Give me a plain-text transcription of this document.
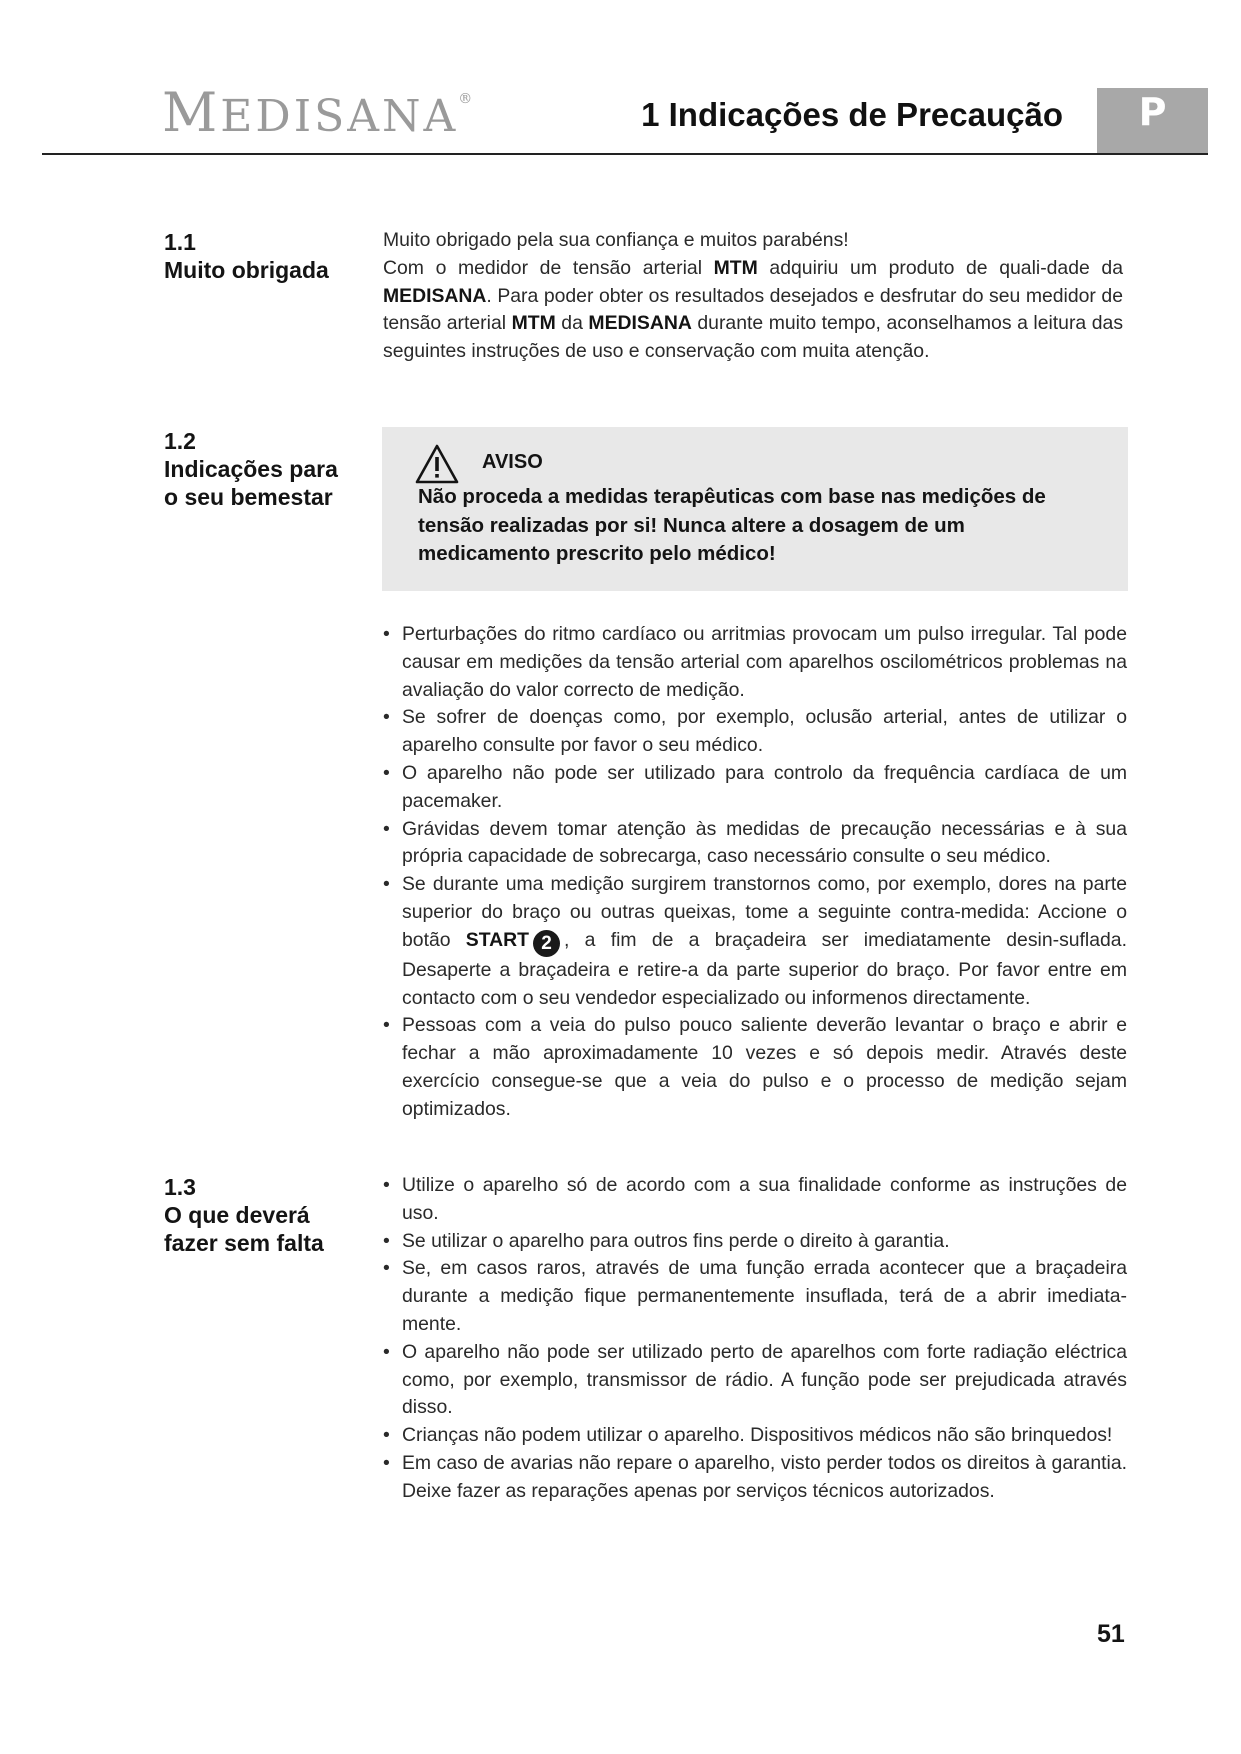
MEDISANA®	1 Indicações de Precaução	P
1.1
Muito obrigada
Muito obrigado pela sua confiança e muitos parabéns!
Com o medidor de tensão arterial MTM adquiriu um produto de quali-dade da MEDISANA. Para poder obter os resultados desejados e desfrutar do seu medidor de tensão arterial MTM da MEDISANA durante muito tempo, aconselhamos a leitura das seguintes instruções de uso e conservação com muita atenção.
1.2
Indicações para
o seu bemestar
AVISO
Não proceda a medidas terapêuticas com base nas medições de tensão realizadas por si! Nunca altere a dosagem de um medicamento prescrito pelo médico!
• Perturbações do ritmo cardíaco ou arritmias provocam um pulso irregular. Tal pode causar em medições da tensão arterial com aparelhos oscilométricos problemas na avaliação do valor correcto de medição.
• Se sofrer de doenças como, por exemplo, oclusão arterial, antes de utilizar o aparelho consulte por favor o seu médico.
• O aparelho não pode ser utilizado para controlo da frequência cardíaca de um pacemaker.
• Grávidas devem tomar atenção às medidas de precaução necessárias e à sua própria capacidade de sobrecarga, caso necessário consulte o seu médico.
• Se durante uma medição surgirem transtornos como, por exemplo, dores na parte superior do braço ou outras queixas, tome a seguinte contra-medida: Accione o botão START 2 , a fim de a braçadeira ser imediatamente desin-suflada. Desaperte a braçadeira e retire-a da parte superior do braço. Por favor entre em contacto com o seu vendedor especializado ou informenos directamente.
• Pessoas com a veia do pulso pouco saliente deverão levantar o braço e abrir e fechar a mão aproximadamente 10 vezes e só depois medir. Através deste exercício consegue-se que a veia do pulso e o processo de medição sejam optimizados.
1.3
O que deverá
fazer sem falta
• Utilize o aparelho só de acordo com a sua finalidade conforme as instruções de uso.
• Se utilizar o aparelho para outros fins perde o direito à garantia.
• Se, em casos raros, através de uma função errada acontecer que a braçadeira durante a medição fique permanentemente insuflada, terá de a abrir imediata-mente.
• O aparelho não pode ser utilizado perto de aparelhos com forte radiação eléctrica como, por exemplo, transmissor de rádio. A função pode ser prejudicada através disso.
• Crianças não podem utilizar o aparelho. Dispositivos médicos não são brinquedos!
• Em caso de avarias não repare o aparelho, visto perder todos os direitos à garantia. Deixe fazer as reparações apenas por serviços técnicos autorizados.
51
